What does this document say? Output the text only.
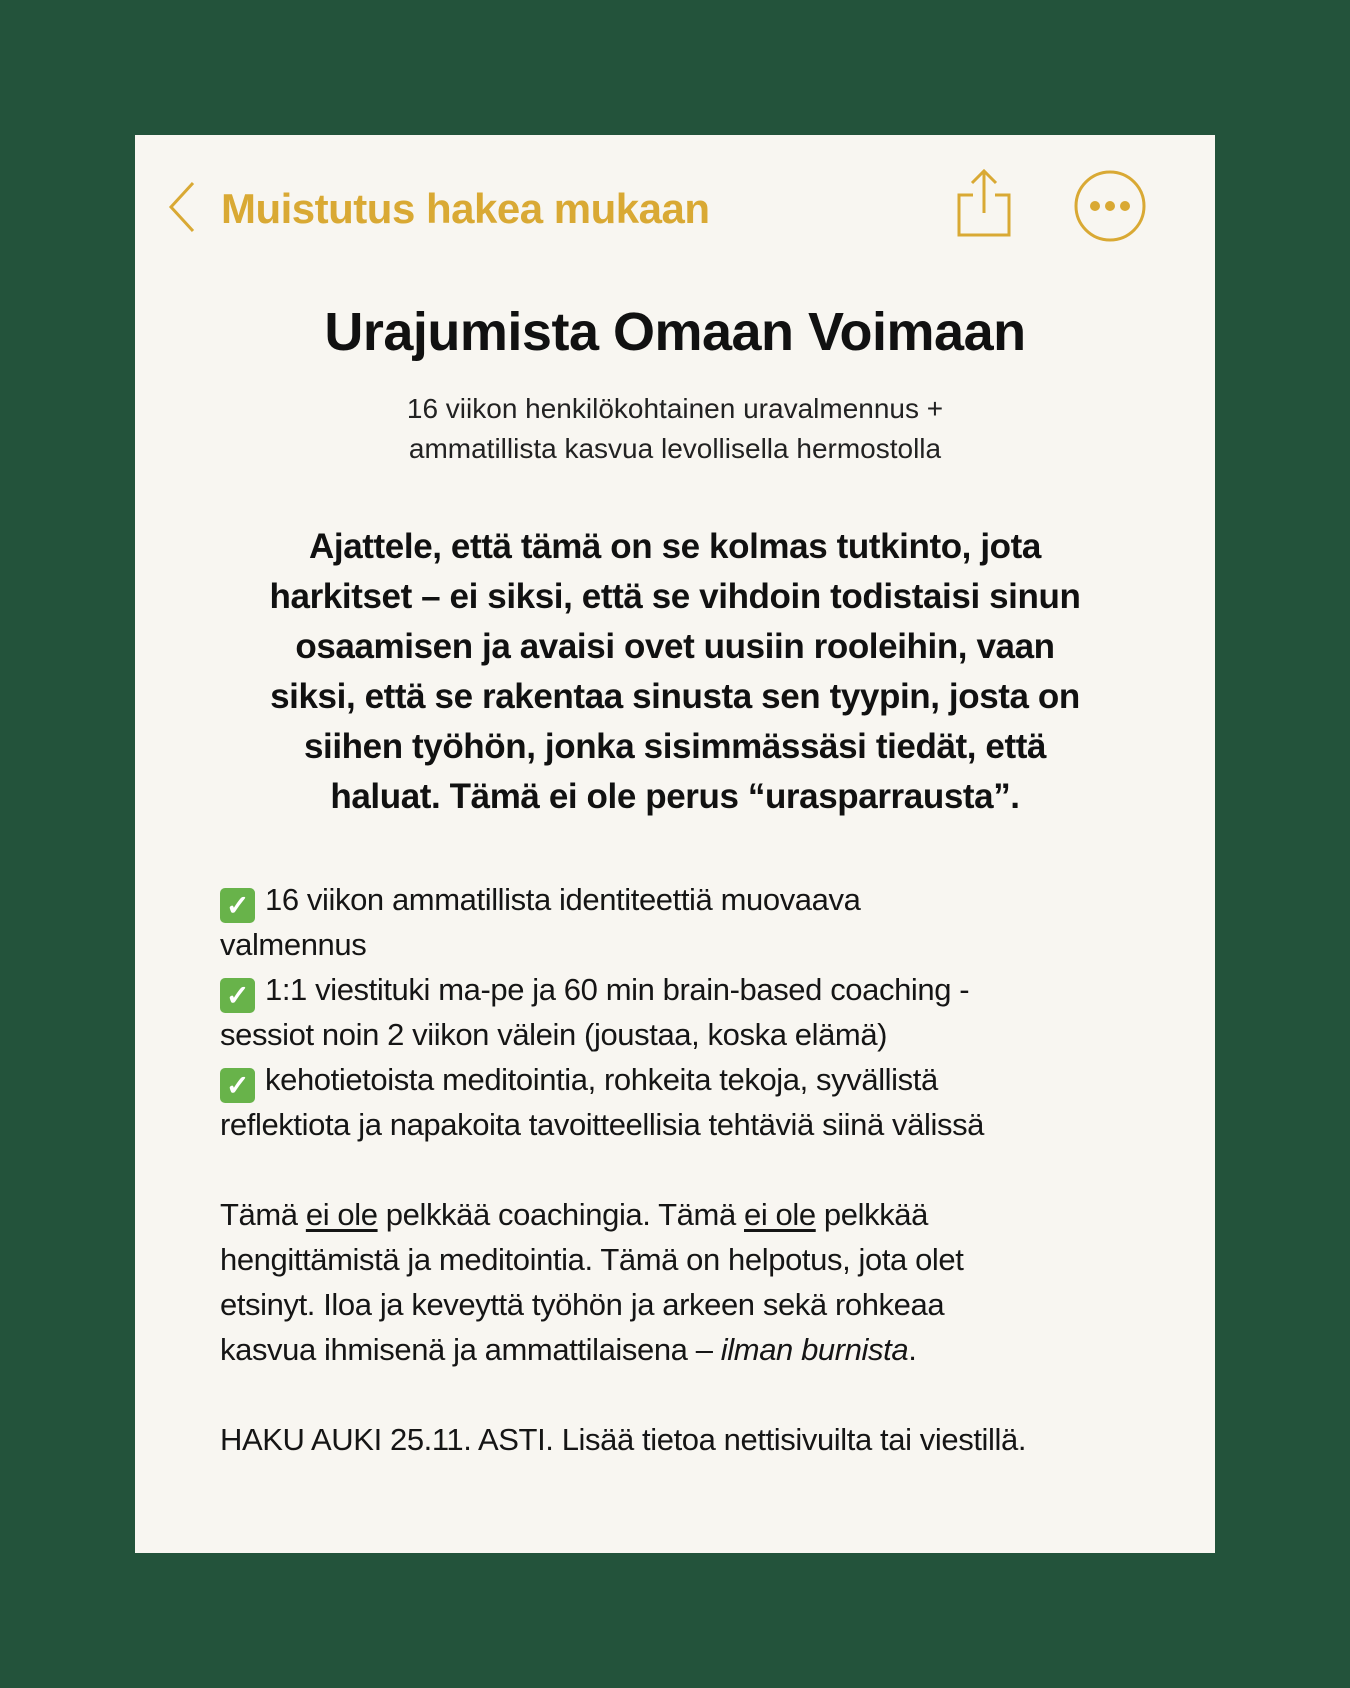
Muistutus hakea mukaan
Urajumista Omaan Voimaan
16 viikon henkilökohtainen uravalmennus +
ammatillista kasvua levollisella hermostolla
Ajattele, että tämä on se kolmas tutkinto, jota
harkitset – ei siksi, että se vihdoin todistaisi sinun
osaamisen ja avaisi ovet uusiin rooleihin, vaan
siksi, että se rakentaa sinusta sen tyypin, josta on
siihen työhön, jonka sisimmässäsi tiedät, että
haluat. Tämä ei ole perus “urasparrausta”.
✓ 16 viikon ammatillista identiteettiä muovaava
valmennus
✓ 1:1 viestituki ma-pe ja 60 min brain-based coaching -
sessiot noin 2 viikon välein (joustaa, koska elämä)
✓ kehotietoista meditointia, rohkeita tekoja, syvällistä
reflektiota ja napakoita tavoitteellisia tehtäviä siinä välissä
Tämä ei ole pelkkää coachingia. Tämä ei ole pelkkää
hengittämistä ja meditointia. Tämä on helpotus, jota olet
etsinyt. Iloa ja keveyttä työhön ja arkeen sekä rohkeaa
kasvua ihmisenä ja ammattilaisena – ilman burnista.
HAKU AUKI 25.11. ASTI. Lisää tietoa nettisivuilta tai viestillä.
